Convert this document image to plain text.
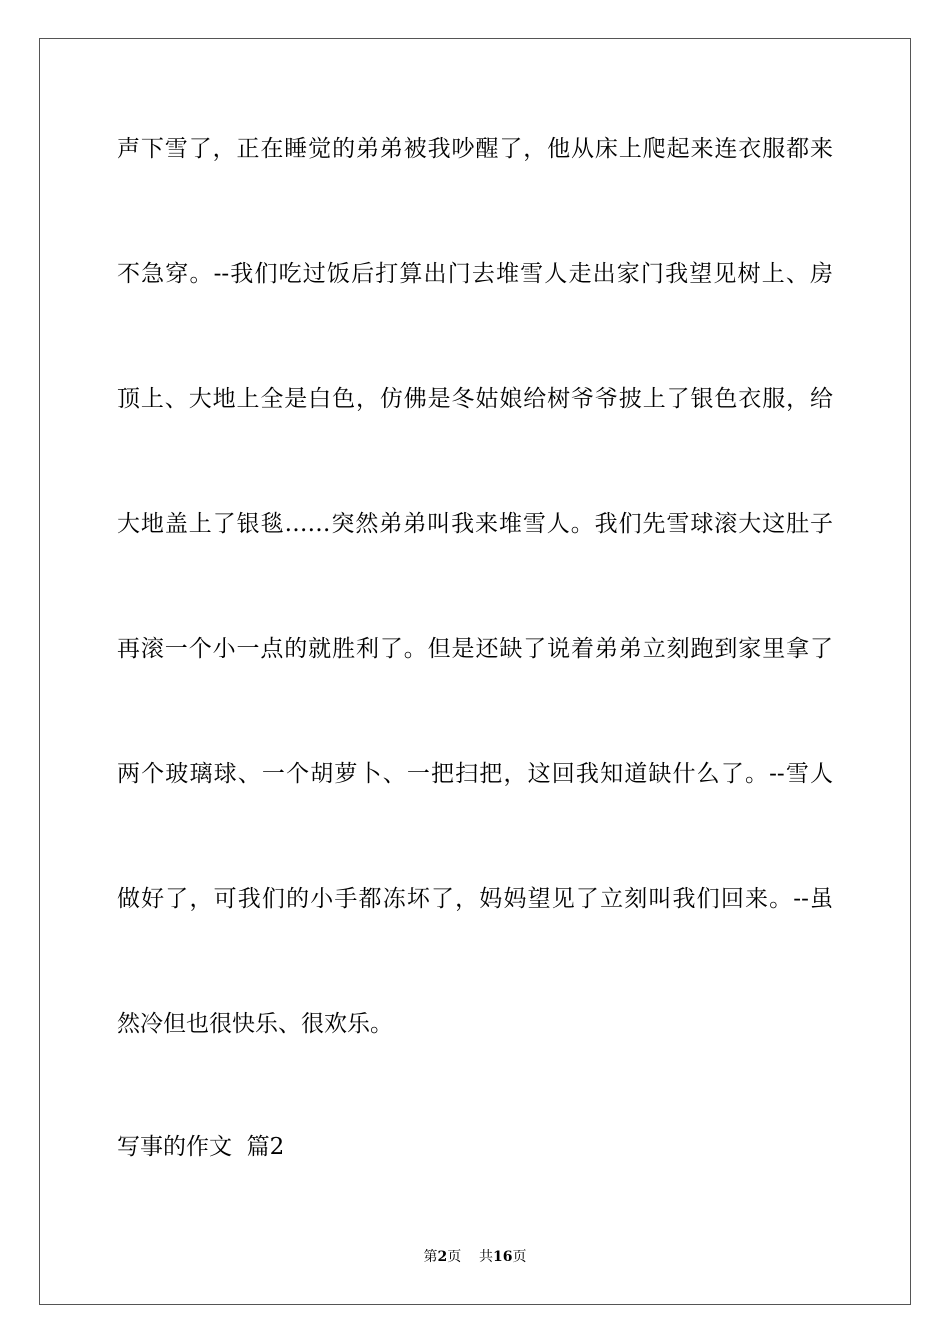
声下雪了，正在睡觉的弟弟被我吵醒了，他从床上爬起来连衣服都来
不急穿。--我们吃过饭后打算出门去堆雪人走出家门我望见树上、房
顶上、大地上全是白色，仿佛是冬姑娘给树爷爷披上了银色衣服，给
大地盖上了银毯……突然弟弟叫我来堆雪人。我们先雪球滚大这肚子
再滚一个小一点的就胜利了。但是还缺了说着弟弟立刻跑到家里拿了
两个玻璃球、一个胡萝卜、一把扫把，这回我知道缺什么了。--雪人
做好了，可我们的小手都冻坏了，妈妈望见了立刻叫我们回来。--虽
然冷但也很快乐、很欢乐。
写事的作文  篇2
第2页 共16页
